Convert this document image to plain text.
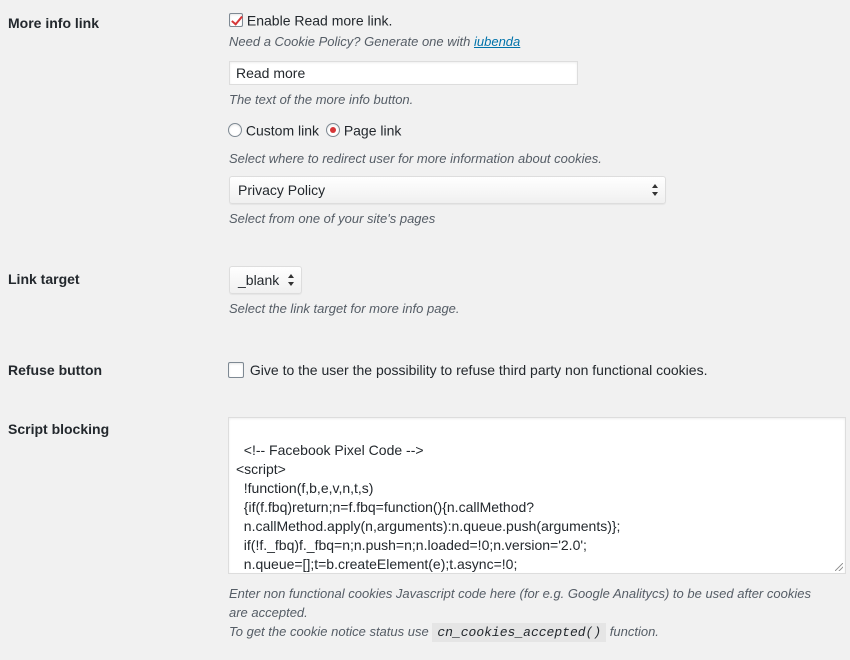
More info link	Enable Read more link.
Need a Cookie Policy? Generate one with iubenda
Read more
The text of the more info button.
Custom link Page link
Select where to redirect user for more information about cookies.
Privacy Policy
Select from one of your site's pages
Link target	_blank
Select the link target for more info page.
Refuse button	Give to the user the possibility to refuse third party non functional cookies.
Script blocking

<!-- Facebook Pixel Code -->
<script>
!function(f,b,e,v,n,t,s)
{if(f.fbq)return;n=f.fbq=function(){n.callMethod?
n.callMethod.apply(n,arguments):n.queue.push(arguments)};
if(!f._fbq)f._fbq=n;n.push=n;n.loaded=!0;n.version='2.0';
n.queue=[];t=b.createElement(e);t.async=!0;

Enter non functional cookies Javascript code here (for e.g. Google Analitycs) to be used after cookies
are accepted.
To get the cookie notice status use cn_cookies_accepted() function.
